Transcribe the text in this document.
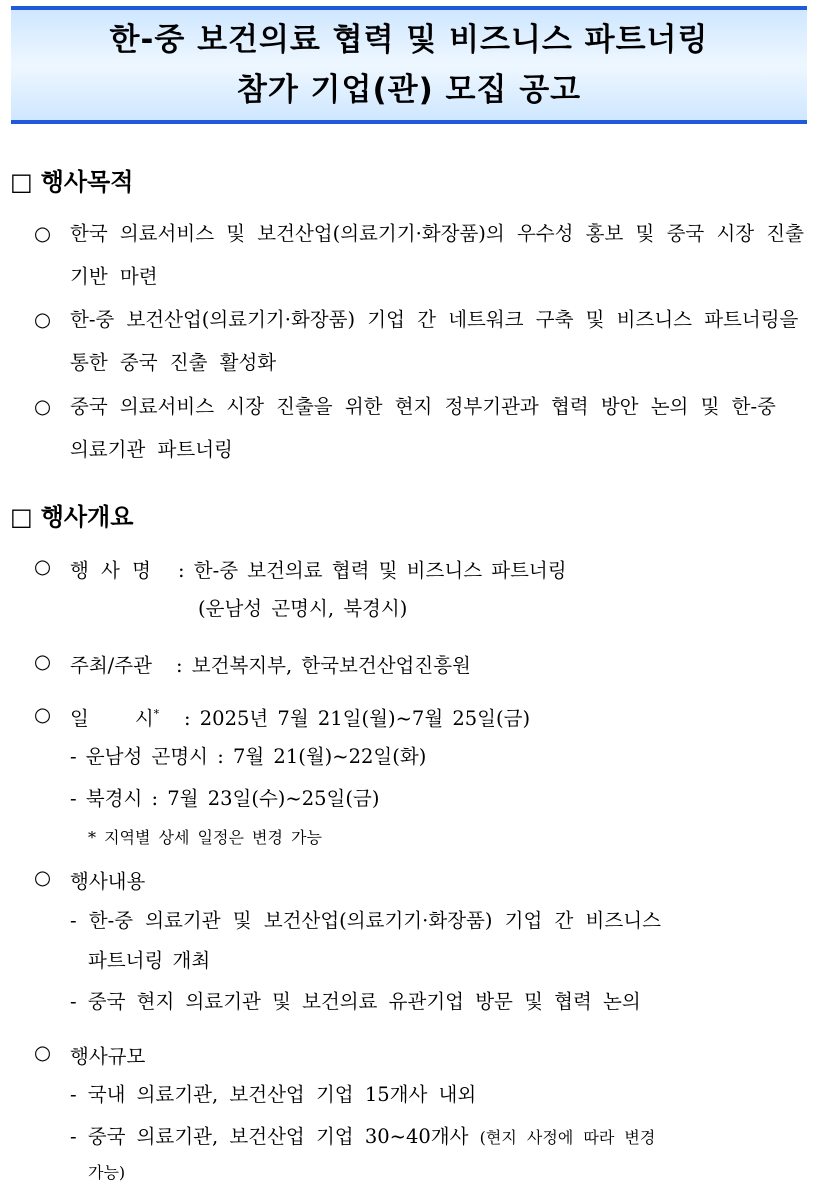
한-중 보건의료 협력 및 비즈니스 파트너링
참가 기업(관) 모집 공고
□ 행사목적
○ 한국 의료서비스 및 보건산업(의료기기·화장품)의 우수성 홍보 및 중국 시장 진출 기반 마련
○ 한-중 보건산업(의료기기·화장품) 기업 간 네트워크 구축 및 비즈니스 파트너링을 통한 중국 진출 활성화
○ 중국 의료서비스 시장 진출을 위한 현지 정부기관과 협력 방안 논의 및 한-중 의료기관 파트너링
□ 행사개요
○ 행 사 명 : 한-중 보건의료 협력 및 비즈니스 파트너링
(운남성 곤명시, 북경시)
○ 주최/주관 : 보건복지부, 한국보건산업진흥원
○ 일     시* : 2025년 7월 21일(월)~7월 25일(금)
- 운남성 곤명시 : 7월 21(월)~22일(화)
- 북경시 : 7월 23일(수)~25일(금)
* 지역별 상세 일정은 변경 가능
○ 행사내용
- 한-중 의료기관 및 보건산업(의료기기·화장품) 기업 간 비즈니스
파트너링 개최
- 중국 현지 의료기관 및 보건의료 유관기업 방문 및 협력 논의
○ 행사규모
- 국내 의료기관, 보건산업 기업 15개사 내외
- 중국 의료기관, 보건산업 기업 30~40개사 (현지 사정에 따라 변경
가능)
